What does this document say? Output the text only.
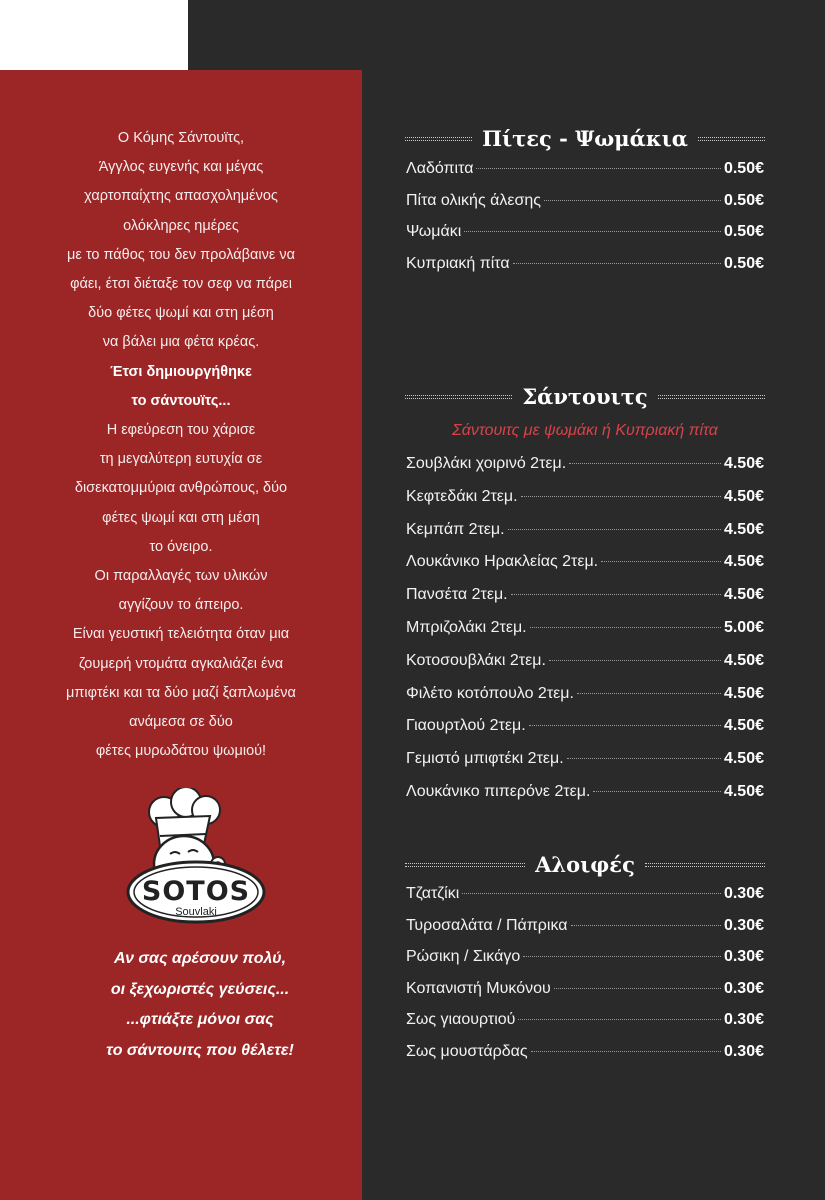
Ο Κόμης Σάντουϊτς,
Άγγλος ευγενής και μέγας
χαρτοπαίχτης απασχολημένος
ολόκληρες ημέρες
με το πάθος του δεν προλάβαινε να
φάει, έτσι διέταξε τον σεφ να πάρει
δύο φέτες ψωμί και στη μέση
να βάλει μια φέτα κρέας.
Έτσι δημιουργήθηκε
το σάντουϊτς...
Η εφεύρεση του χάρισε
τη μεγαλύτερη ευτυχία σε
δισεκατομμύρια ανθρώπους, δύο
φέτες ψωμί και στη μέση
το όνειρο.
Οι παραλλαγές των υλικών
αγγίζουν το άπειρο.
Είναι γευστική τελειότητα όταν μια
ζουμερή ντομάτα αγκαλιάζει ένα
μπιφτέκι και τα δύο μαζί ξαπλωμένα
ανάμεσα σε δύο
φέτες μυρωδάτου ψωμιού!
SOTOS
Souvlaki
Αν σας αρέσουν πολύ,
οι ξεχωριστές γεύσεις...
...φτιάξτε μόνοι σας
το σάντουιτς που θέλετε!
Πίτες - Ψωμάκια
Λαδόπιτα	0.50€
Πίτα ολικής άλεσης	0.50€
Ψωμάκι	0.50€
Κυπριακή πίτα	0.50€
Σάντουιτς
Σάντουιτς με ψωμάκι ή Κυπριακή πίτα
Σουβλάκι χοιρινό 2τεμ.	4.50€
Κεφτεδάκι 2τεμ.	4.50€
Κεμπάπ 2τεμ.	4.50€
Λουκάνικο Ηρακλείας 2τεμ.	4.50€
Πανσέτα 2τεμ.	4.50€
Μπριζολάκι 2τεμ.	5.00€
Κοτοσουβλάκι 2τεμ.	4.50€
Φιλέτο κοτόπουλο 2τεμ.	4.50€
Γιαουρτλού 2τεμ.	4.50€
Γεμιστό μπιφτέκι 2τεμ.	4.50€
Λουκάνικο πιπερόνε 2τεμ.	4.50€
Αλοιφές
Τζατζίκι	0.30€
Τυροσαλάτα / Πάπρικα	0.30€
Ρώσικη / Σικάγο	0.30€
Κοπανιστή Μυκόνου	0.30€
Σως γιαουρτιού	0.30€
Σως μουστάρδας	0.30€
